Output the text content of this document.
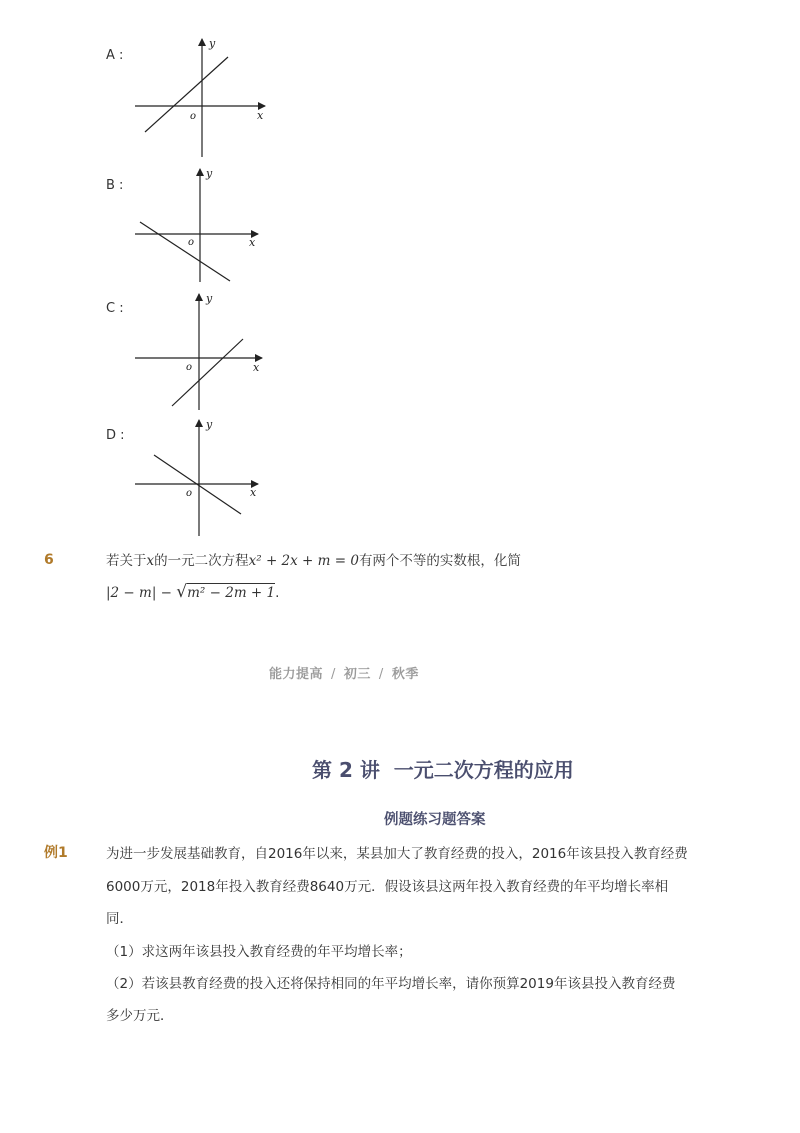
A :
y
x
o
B :
y
x
o
C :
y
x
o
D :
y
x
o
6	若关于x的一元二次方程x² + 2x + m = 0有两个不等的实数根，化简
|2 − m| − √m² − 2m + 1.
能力提高 / 初三 / 秋季
第 2 讲  一元二次方程的应用
例题练习题答案
例1	为进一步发展基础教育，自2016年以来，某县加大了教育经费的投入，2016年该县投入教育经费
6000万元，2018年投入教育经费8640万元．假设该县这两年投入教育经费的年平均增长率相
同．
（1）求这两年该县投入教育经费的年平均增长率；
（2）若该县教育经费的投入还将保持相同的年平均增长率，请你预算2019年该县投入教育经费
多少万元．
